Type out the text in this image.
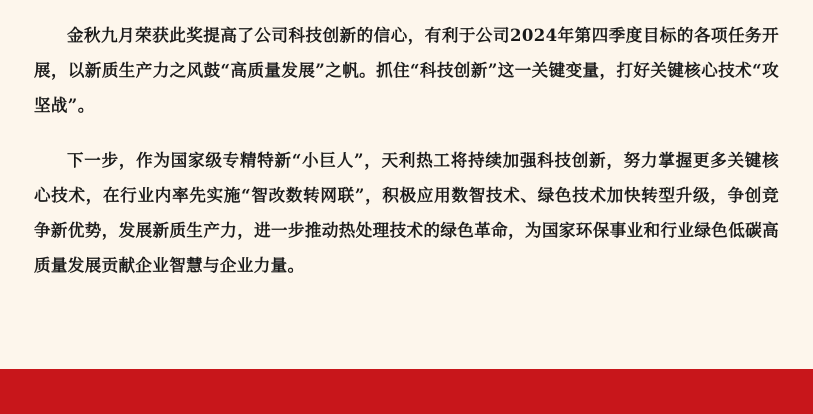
金秋九月荣获此奖提高了公司科技创新的信心，有利于公司2024年第四季度目标的各项任务开展，以新质生产力之风鼓“高质量发展”之帆。抓住“科技创新”这一关键变量，打好关键核心技术“攻坚战”。

下一步，作为国家级专精特新“小巨人”，天利热工将持续加强科技创新，努力掌握更多关键核心技术，在行业内率先实施“智改数转网联”，积极应用数智技术、绿色技术加快转型升级，争创竞争新优势，发展新质生产力，进一步推动热处理技术的绿色革命，为国家环保事业和行业绿色低碳高质量发展贡献企业智慧与企业力量。
